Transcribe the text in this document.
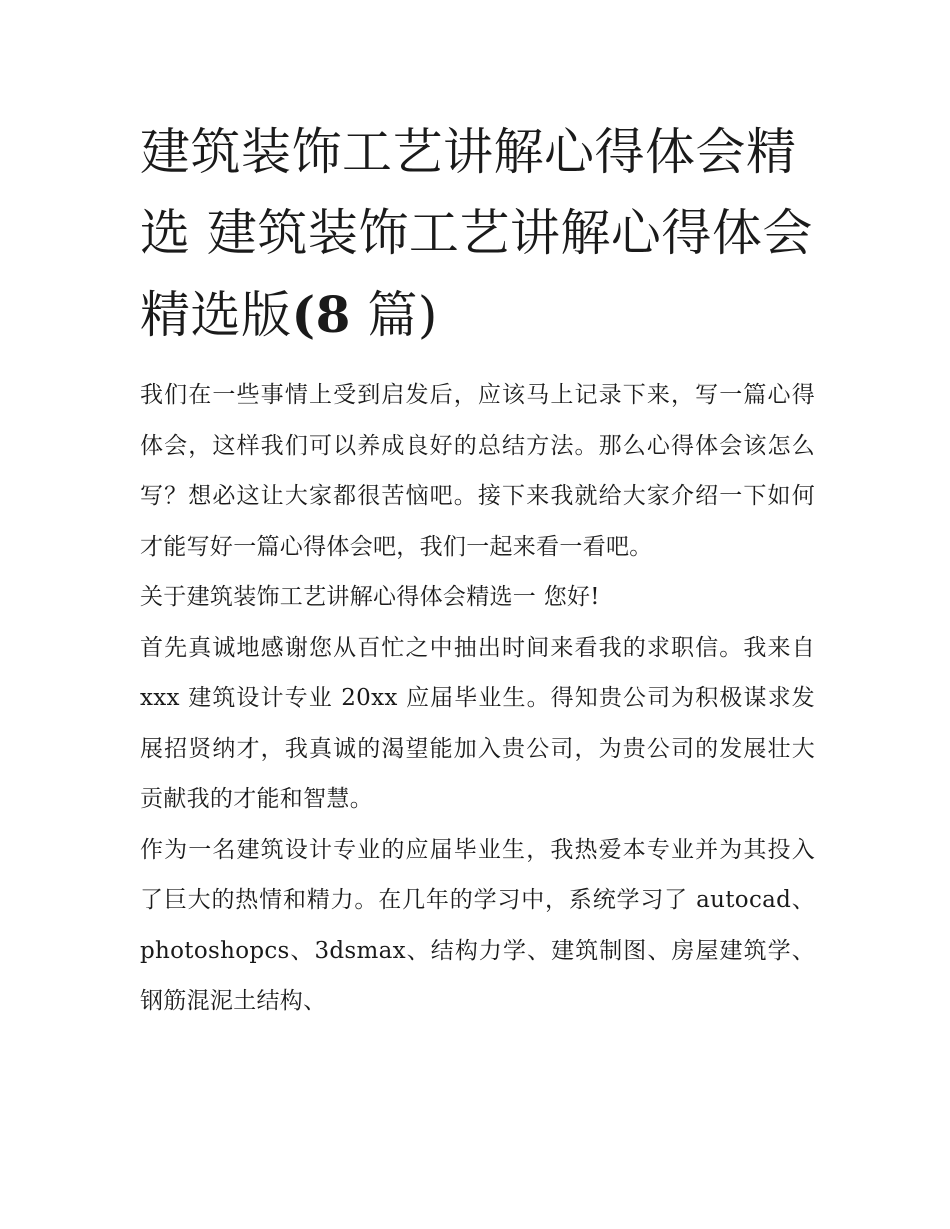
建筑装饰工艺讲解心得体会精选 建筑装饰工艺讲解心得体会精选版(8 篇)

我们在一些事情上受到启发后，应该马上记录下来，写一篇心得体会，这样我们可以养成良好的总结方法。那么心得体会该怎么写？想必这让大家都很苦恼吧。接下来我就给大家介绍一下如何才能写好一篇心得体会吧，我们一起来看一看吧。

关于建筑装饰工艺讲解心得体会精选一 您好!

首先真诚地感谢您从百忙之中抽出时间来看我的求职信。我来自 xxx 建筑设计专业 20xx 应届毕业生。得知贵公司为积极谋求发展招贤纳才，我真诚的渴望能加入贵公司，为贵公司的发展壮大贡献我的才能和智慧。

作为一名建筑设计专业的应届毕业生，我热爱本专业并为其投入了巨大的热情和精力。在几年的学习中，系统学习了 autocad、photoshopcs、3dsmax、结构力学、建筑制图、房屋建筑学、钢筋混泥土结构、
